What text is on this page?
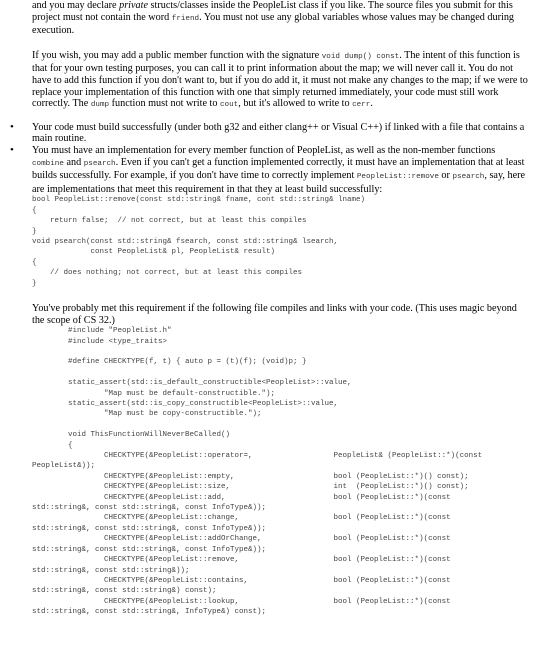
and you may declare private structs/classes inside the PeopleList class if you like. The source files you submit for this project must not contain the word friend. You must not use any global variables whose values may be changed during execution.

If you wish, you may add a public member function with the signature void dump() const. The intent of this function is that for your own testing purposes, you can call it to print information about the map; we will never call it. You do not have to add this function if you don't want to, but if you do add it, it must not make any changes to the map; if we were to replace your implementation of this function with one that simply returned immediately, your code must still work correctly. The dump function must not write to cout, but it's allowed to write to cerr.

• Your code must build successfully (under both g32 and either clang++ or Visual C++) if linked with a file that contains a main routine.
• You must have an implementation for every member function of PeopleList, as well as the non-member functions combine and psearch. Even if you can't get a function implemented correctly, it must have an implementation that at least builds successfully. For example, if you don't have time to correctly implement PeopleList::remove or psearch, say, here are implementations that meet this requirement in that they at least build successfully:
bool PeopleList::remove(const std::string& fname, cont std::string& lname)
{
return false;  // not correct, but at least this compiles
}
void psearch(const std::string& fsearch, const std::string& lsearch,
const PeopleList& pl, PeopleList& result)
{
// does nothing; not correct, but at least this compiles
}

You've probably met this requirement if the following file compiles and links with your code. (This uses magic beyond the scope of CS 32.)

#include "PeopleList.h"
#include <type_traits>

#define CHECKTYPE(f, t) { auto p = (t)(f); (void)p; }

static_assert(std::is_default_constructible<PeopleList>::value,
"Map must be default-constructible.");
static_assert(std::is_copy_constructible<PeopleList>::value,
"Map must be copy-constructible.");

void ThisFunctionWillNeverBeCalled()
{
CHECKTYPE(&PeopleList::operator=,                  PeopleList& (PeopleList::*)(const
PeopleList&));
CHECKTYPE(&PeopleList::empty,                      bool (PeopleList::*)() const);
CHECKTYPE(&PeopleList::size,                       int  (PeopleList::*)() const);
CHECKTYPE(&PeopleList::add,                        bool (PeopleList::*)(const
std::string&, const std::string&, const InfoType&));
CHECKTYPE(&PeopleList::change,                     bool (PeopleList::*)(const
std::string&, const std::string&, const InfoType&));
CHECKTYPE(&PeopleList::addOrChange,                bool (PeopleList::*)(const
std::string&, const std::string&, const InfoType&));
CHECKTYPE(&PeopleList::remove,                     bool (PeopleList::*)(const
std::string&, const std::string&));
CHECKTYPE(&PeopleList::contains,                   bool (PeopleList::*)(const
std::string&, const std::string&) const);
CHECKTYPE(&PeopleList::lookup,                     bool (PeopleList::*)(const
std::string&, const std::string&, InfoType&) const);
